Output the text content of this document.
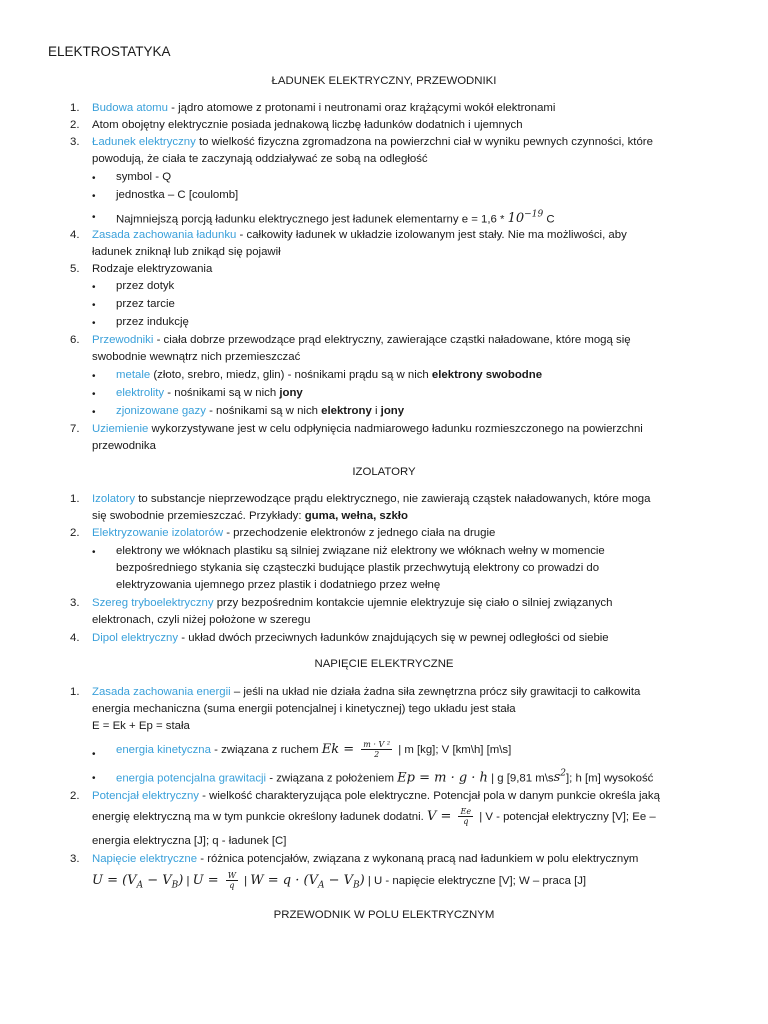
ELEKTROSTATYKA
ŁADUNEK ELEKTRYCZNY, PRZEWODNIKI
1. Budowa atomu - jądro atomowe z protonami i neutronami oraz krążącymi wokół elektronami
2. Atom obojętny elektrycznie posiada jednakową liczbę ładunków dodatnich i ujemnych
3. Ładunek elektryczny to wielkość fizyczna zgromadzona na powierzchni ciał w wyniku pewnych czynności, które
powodują, że ciała te zaczynają oddziaływać ze sobą na odległość
• symbol - Q
• jednostka – C [coulomb]
• Najmniejszą porcją ładunku elektrycznego jest ładunek elementarny $e = 1,6 * 10^{-19}$ C
4. Zasada zachowania ładunku - całkowity ładunek w układzie izolowanym jest stały. Nie ma możliwości, aby
ładunek zniknął lub znikąd się pojawił
5. Rodzaje elektryzowania
• przez dotyk
• przez tarcie
• przez indukcję
6. Przewodniki - ciała dobrze przewodzące prąd elektryczny, zawierające cząstki naładowane, które mogą się
swobodnie wewnątrz nich przemieszczać
• metale (złoto, srebro, miedz, glin) - nośnikami prądu są w nich elektrony swobodne
• elektrolity - nośnikami są w nich jony
• zjonizowane gazy - nośnikami są w nich elektrony i jony
7. Uziemienie wykorzystywane jest w celu odpłynięcia nadmiarowego ładunku rozmieszczonego na powierzchni
przewodnika
IZOLATORY
1. Izolatory to substancje nieprzewodzące prądu elektrycznego, nie zawierają cząstek naładowanych, które moga
się swobodnie przemieszczać. Przykłady: guma, wełna, szkło
2. Elektryzowanie izolatorów - przechodzenie elektronów z jednego ciała na drugie
• elektrony we włóknach plastiku są silniej związane niż elektrony we włóknach wełny w momencie
bezpośredniego stykania się cząsteczki budujące plastik przechwytują elektrony co prowadzi do
elektryzowania ujemnego przez plastik i dodatniego przez wełnę
3. Szereg tryboelektryczny przy bezpośrednim kontakcie ujemnie elektryzuje się ciało o silniej związanych
elektronach, czyli niżej położone w szeregu
4. Dipol elektryczny - układ dwóch przeciwnych ładunków znajdujących się w pewnej odległości od siebie
NAPIĘCIE ELEKTRYCZNE
1. Zasada zachowania energii – jeśli na układ nie działa żadna siła zewnętrzna prócz siły grawitacji to całkowita
energia mechaniczna (suma energii potencjalnej i kinetycznej) tego układu jest stała
E = Ek + Ep = stała
• energia kinetyczna - związana z ruchem $Ek = \frac{\text{m · V ²}}{2}$ | m [kg]; V [km\h] [m\s]
• energia potencjalna grawitacji - związana z położeniem Ep = m · g · h | g [9,81 $m\backslash ss^2$]; h [m] wysokość
2. Potencjał elektryczny - wielkość charakteryzująca pole elektryczne. Potencjał pola w danym punkcie określa jaką
energię elektryczną ma w tym punkcie określony ładunek dodatni. $V = \frac{Ee}{q}$ | V - potencjał elektryczny [V]; Ee –
energia elektryczna [J]; q - ładunek [C]
3. Napięcie elektryczne - różnica potencjałów, związana z wykonaną pracą nad ładunkiem w polu elektrycznym
$U = (V_A - V_B)$ | $U = \frac{W}{q}$ | $W = q \cdot (V_A - V_B)$ | U - napięcie elektryczne [V]; W – praca [J]
PRZEWODNIK W POLU ELEKTRYCZNYM
